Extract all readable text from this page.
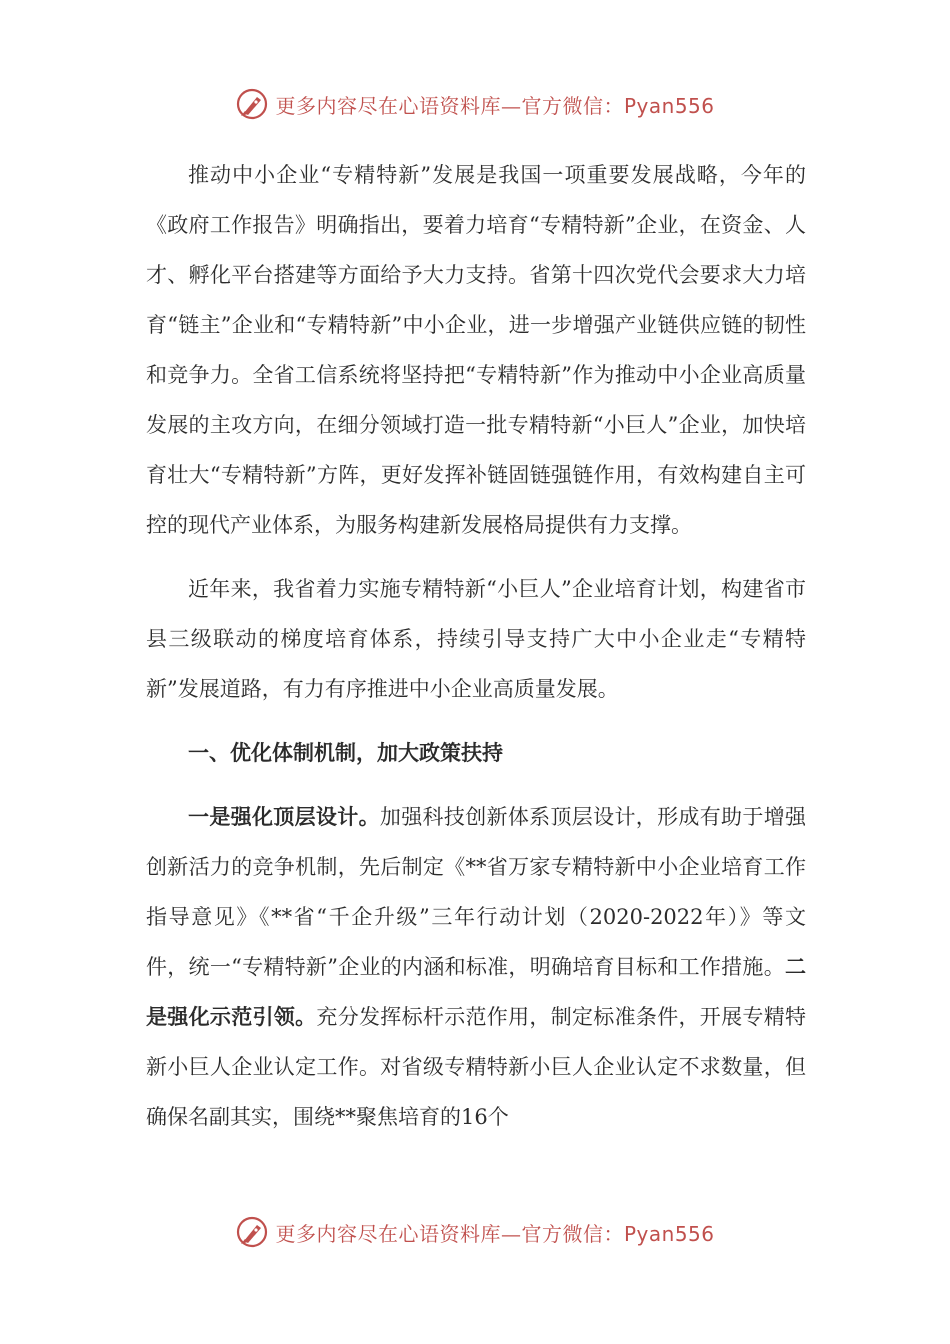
更多内容尽在心语资料库—官方微信：Pyan556

推动中小企业“专精特新”发展是我国一项重要发展战略，今年的《政府工作报告》明确指出，要着力培育“专精特新”企业，在资金、人才、孵化平台搭建等方面给予大力支持。省第十四次党代会要求大力培育“链主”企业和“专精特新”中小企业，进一步增强产业链供应链的韧性和竞争力。全省工信系统将坚持把“专精特新”作为推动中小企业高质量发展的主攻方向，在细分领域打造一批专精特新“小巨人”企业，加快培育壮大“专精特新”方阵，更好发挥补链固链强链作用，有效构建自主可控的现代产业体系，为服务构建新发展格局提供有力支撑。

近年来，我省着力实施专精特新“小巨人”企业培育计划，构建省市县三级联动的梯度培育体系，持续引导支持广大中小企业走“专精特新”发展道路，有力有序推进中小企业高质量发展。

一、优化体制机制，加大政策扶持

一是强化顶层设计。加强科技创新体系顶层设计，形成有助于增强创新活力的竞争机制，先后制定《**省万家专精特新中小企业培育工作指导意见》《**省“千企升级”三年行动计划（2020-2022年）》等文件，统一“专精特新”企业的内涵和标准，明确培育目标和工作措施。二是强化示范引领。充分发挥标杆示范作用，制定标准条件，开展专精特新小巨人企业认定工作。对省级专精特新小巨人企业认定不求数量，但确保名副其实，围绕**聚焦培育的16个

更多内容尽在心语资料库—官方微信：Pyan556
